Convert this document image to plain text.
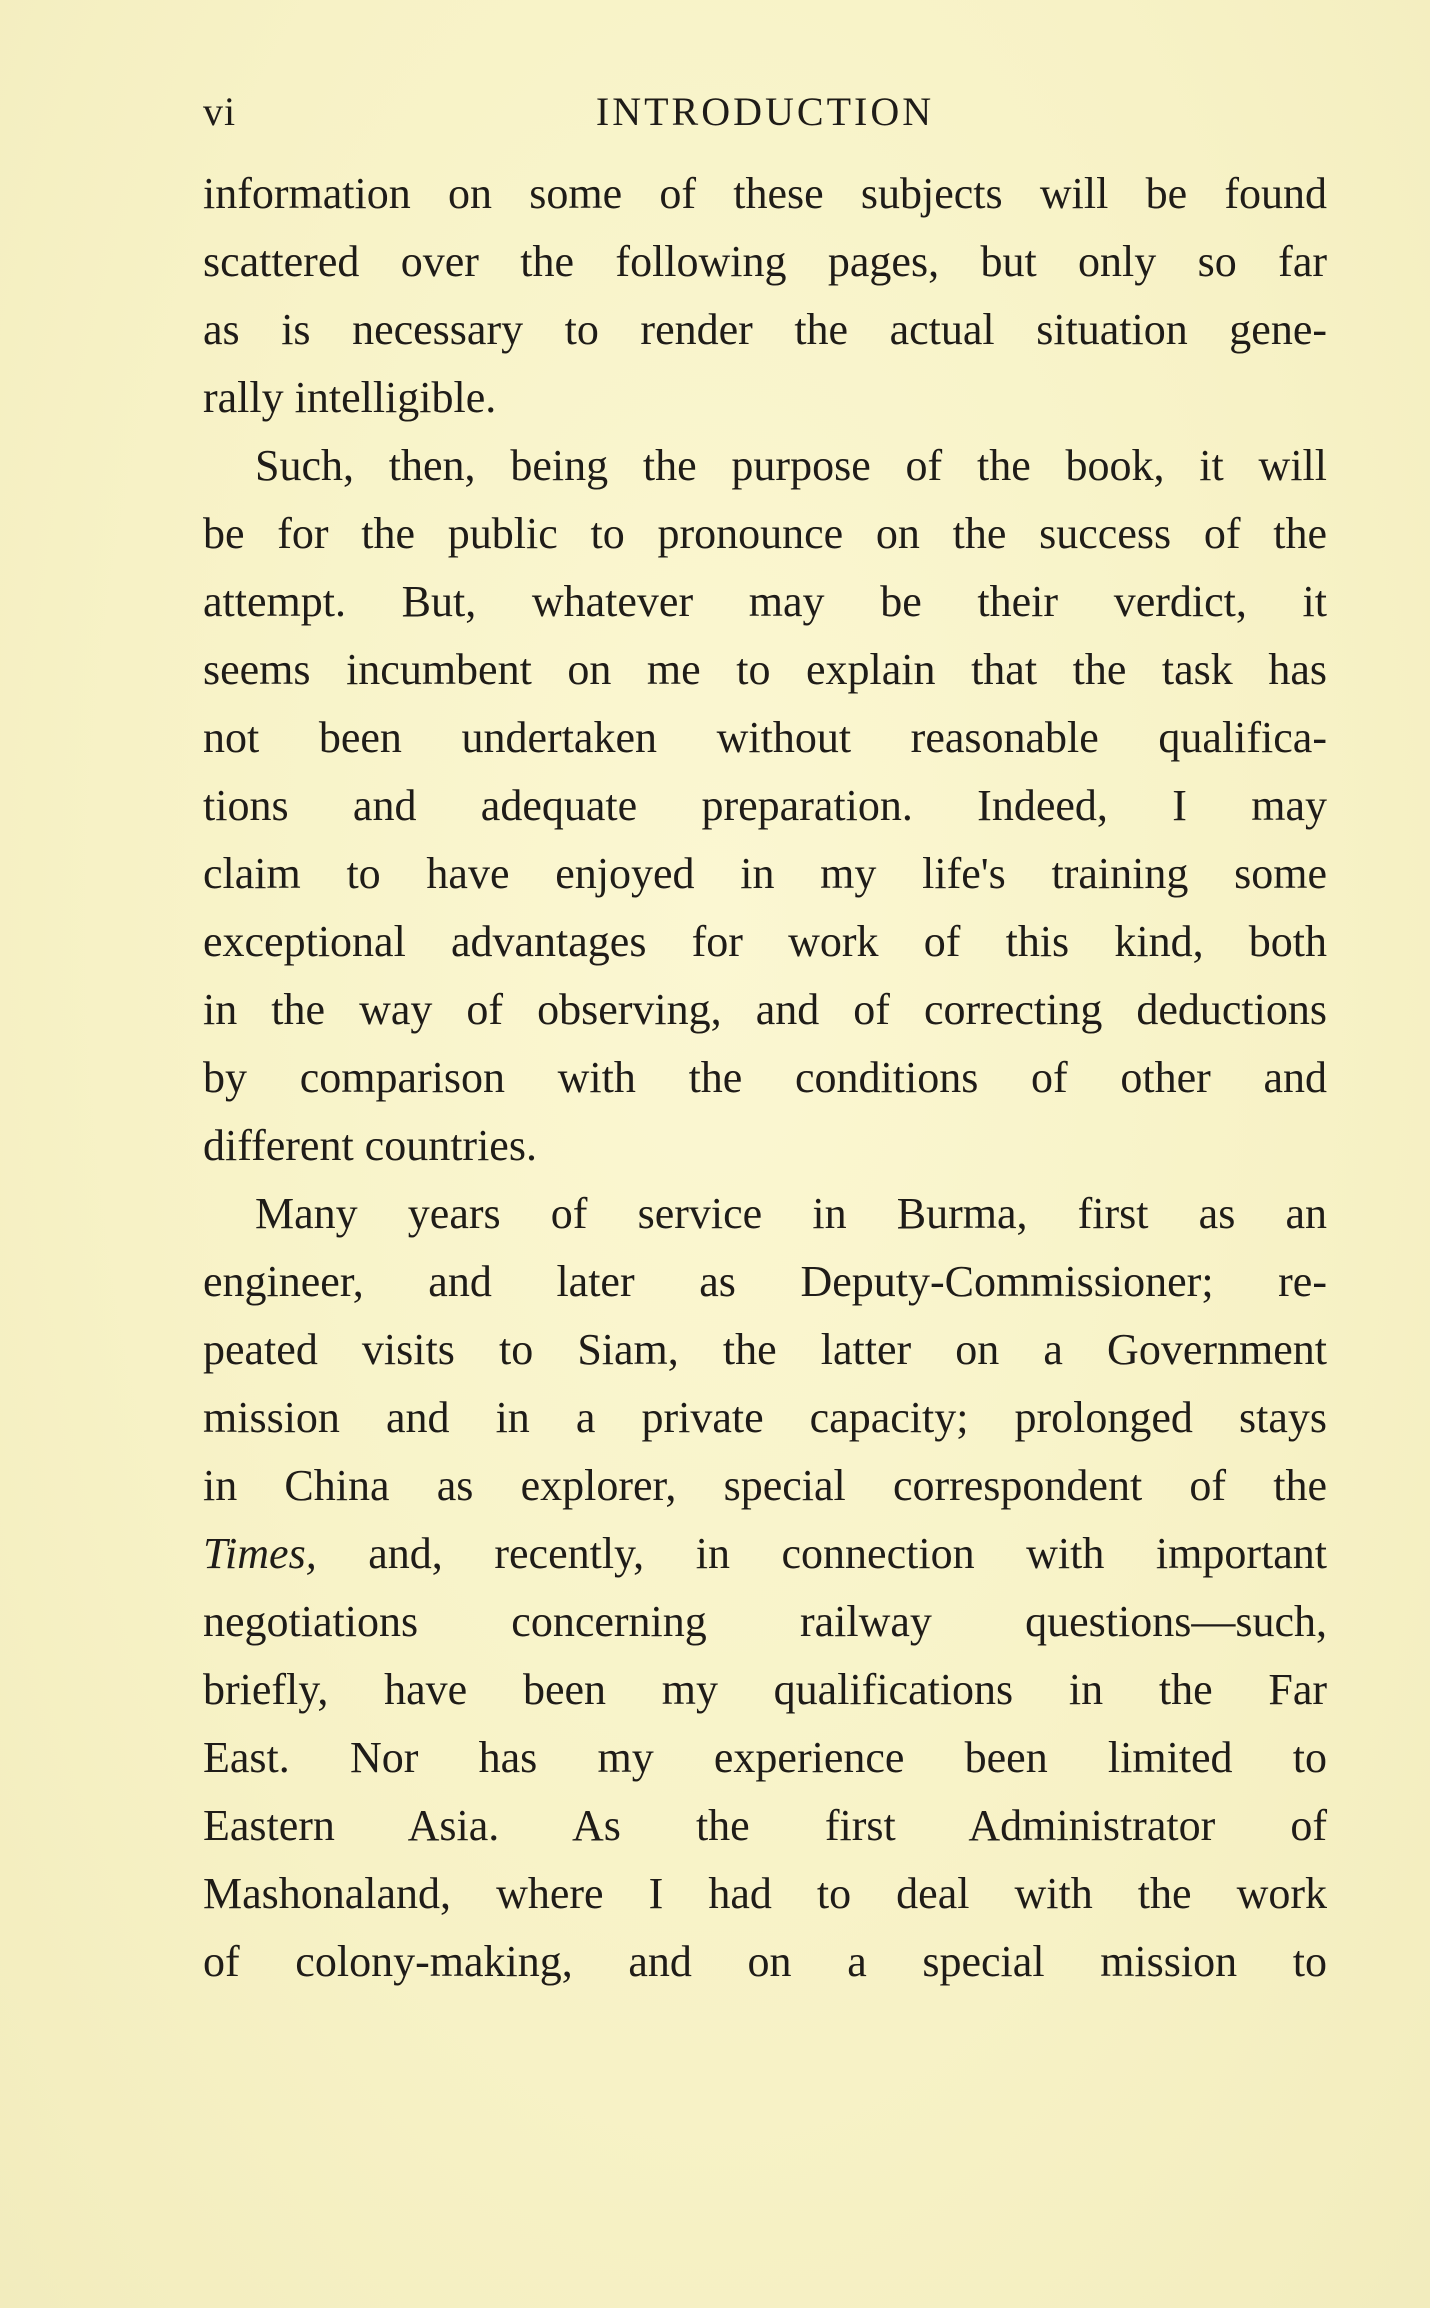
vi	INTRODUCTION
information on some of these subjects will be found
scattered over the following pages, but only so far
as is necessary to render the actual situation gene-
rally intelligible.
Such, then, being the purpose of the book, it will
be for the public to pronounce on the success of the
attempt. But, whatever may be their verdict, it
seems incumbent on me to explain that the task has
not been undertaken without reasonable qualifica-
tions and adequate preparation. Indeed, I may
claim to have enjoyed in my life's training some
exceptional advantages for work of this kind, both
in the way of observing, and of correcting deductions
by comparison with the conditions of other and
different countries.
Many years of service in Burma, first as an
engineer, and later as Deputy-Commissioner; re-
peated visits to Siam, the latter on a Government
mission and in a private capacity; prolonged stays
in China as explorer, special correspondent of the
Times, and, recently, in connection with important
negotiations concerning railway questions—such,
briefly, have been my qualifications in the Far
East. Nor has my experience been limited to
Eastern Asia. As the first Administrator of
Mashonaland, where I had to deal with the work
of colony-making, and on a special mission to
